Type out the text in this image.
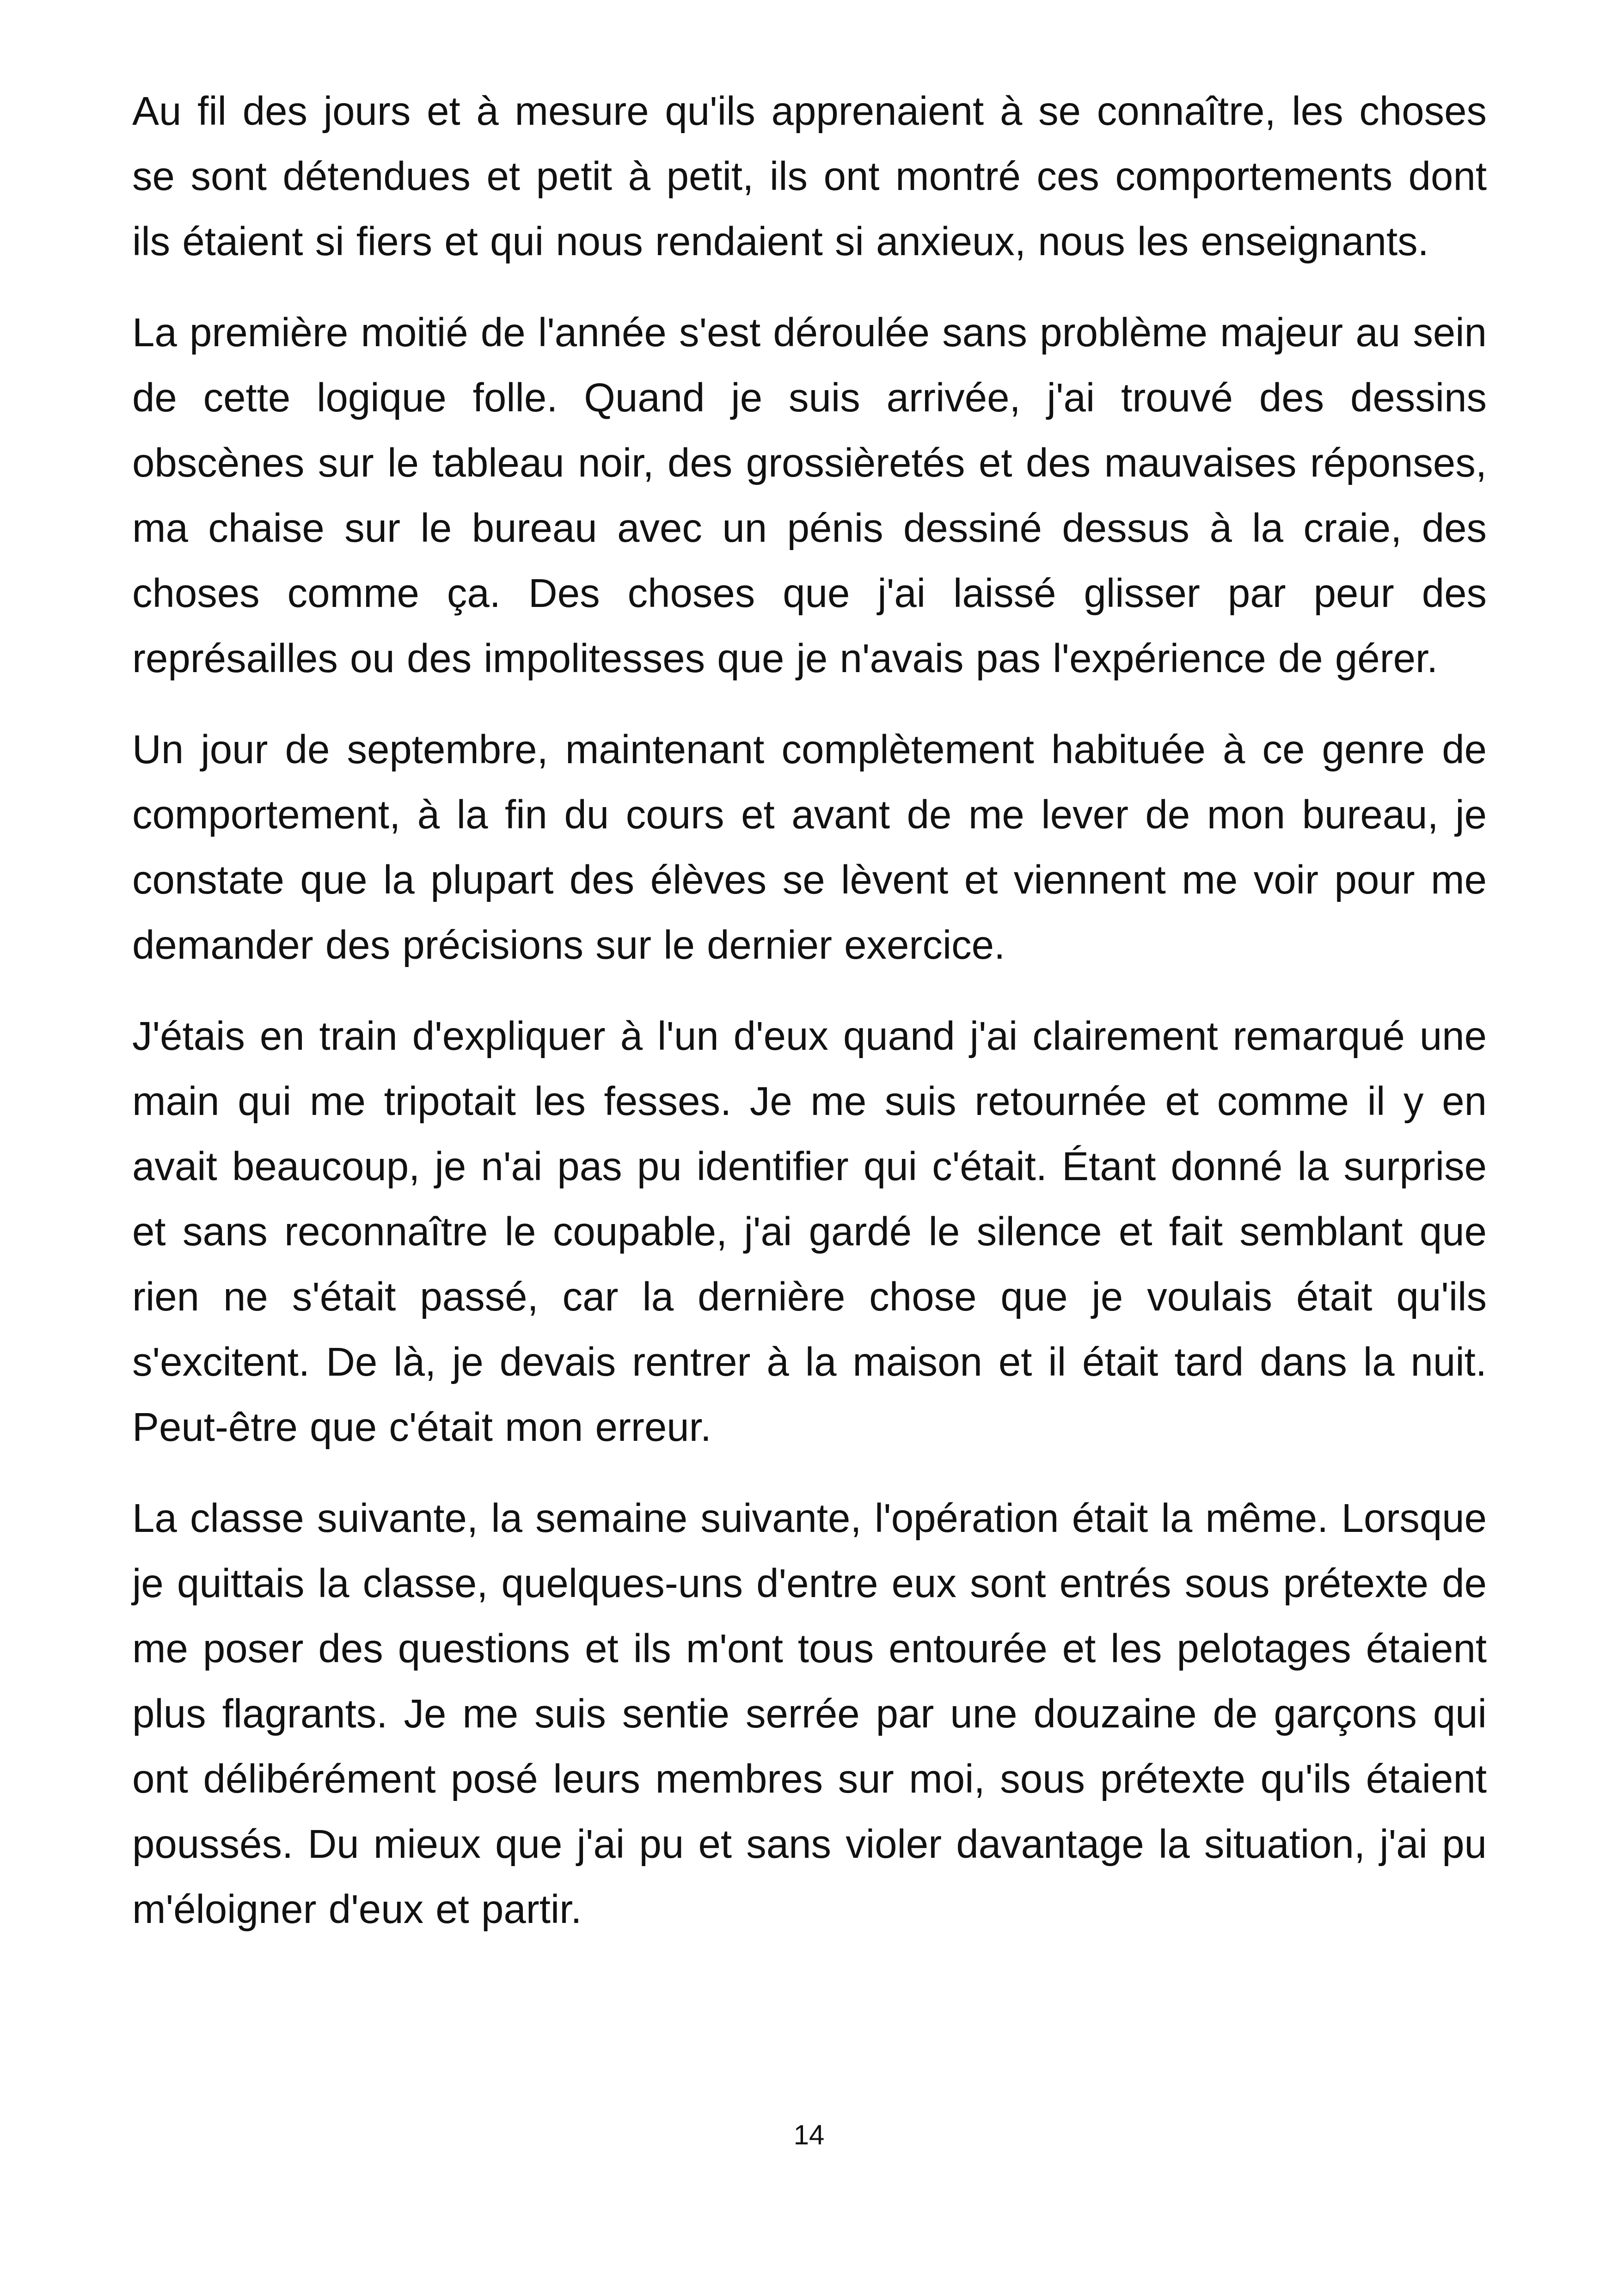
Au fil des jours et à mesure qu'ils apprenaient à se connaître, les choses se sont détendues et petit à petit, ils ont montré ces comportements dont ils étaient si fiers et qui nous rendaient si anxieux, nous les enseignants.

La première moitié de l'année s'est déroulée sans problème majeur au sein de cette logique folle. Quand je suis arrivée, j'ai trouvé des dessins obscènes sur le tableau noir, des grossièretés et des mauvaises réponses, ma chaise sur le bureau avec un pénis dessiné dessus à la craie, des choses comme ça. Des choses que j'ai laissé glisser par peur des représailles ou des impolitesses que je n'avais pas l'expérience de gérer.

Un jour de septembre, maintenant complètement habituée à ce genre de comportement, à la fin du cours et avant de me lever de mon bureau, je constate que la plupart des élèves se lèvent et viennent me voir pour me demander des précisions sur le dernier exercice.

J'étais en train d'expliquer à l'un d'eux quand j'ai clairement remarqué une main qui me tripotait les fesses. Je me suis retournée et comme il y en avait beaucoup, je n'ai pas pu identifier qui c'était. Étant donné la surprise et sans reconnaître le coupable, j'ai gardé le silence et fait semblant que rien ne s'était passé, car la dernière chose que je voulais était qu'ils s'excitent. De là, je devais rentrer à la maison et il était tard dans la nuit. Peut-être que c'était mon erreur.

La classe suivante, la semaine suivante, l'opération était la même. Lorsque je quittais la classe, quelques-uns d'entre eux sont entrés sous prétexte de me poser des questions et ils m'ont tous entourée et les pelotages étaient plus flagrants. Je me suis sentie serrée par une douzaine de garçons qui ont délibérément posé leurs membres sur moi, sous prétexte qu'ils étaient poussés. Du mieux que j'ai pu et sans violer davantage la situation, j'ai pu m'éloigner d'eux et partir.

14
